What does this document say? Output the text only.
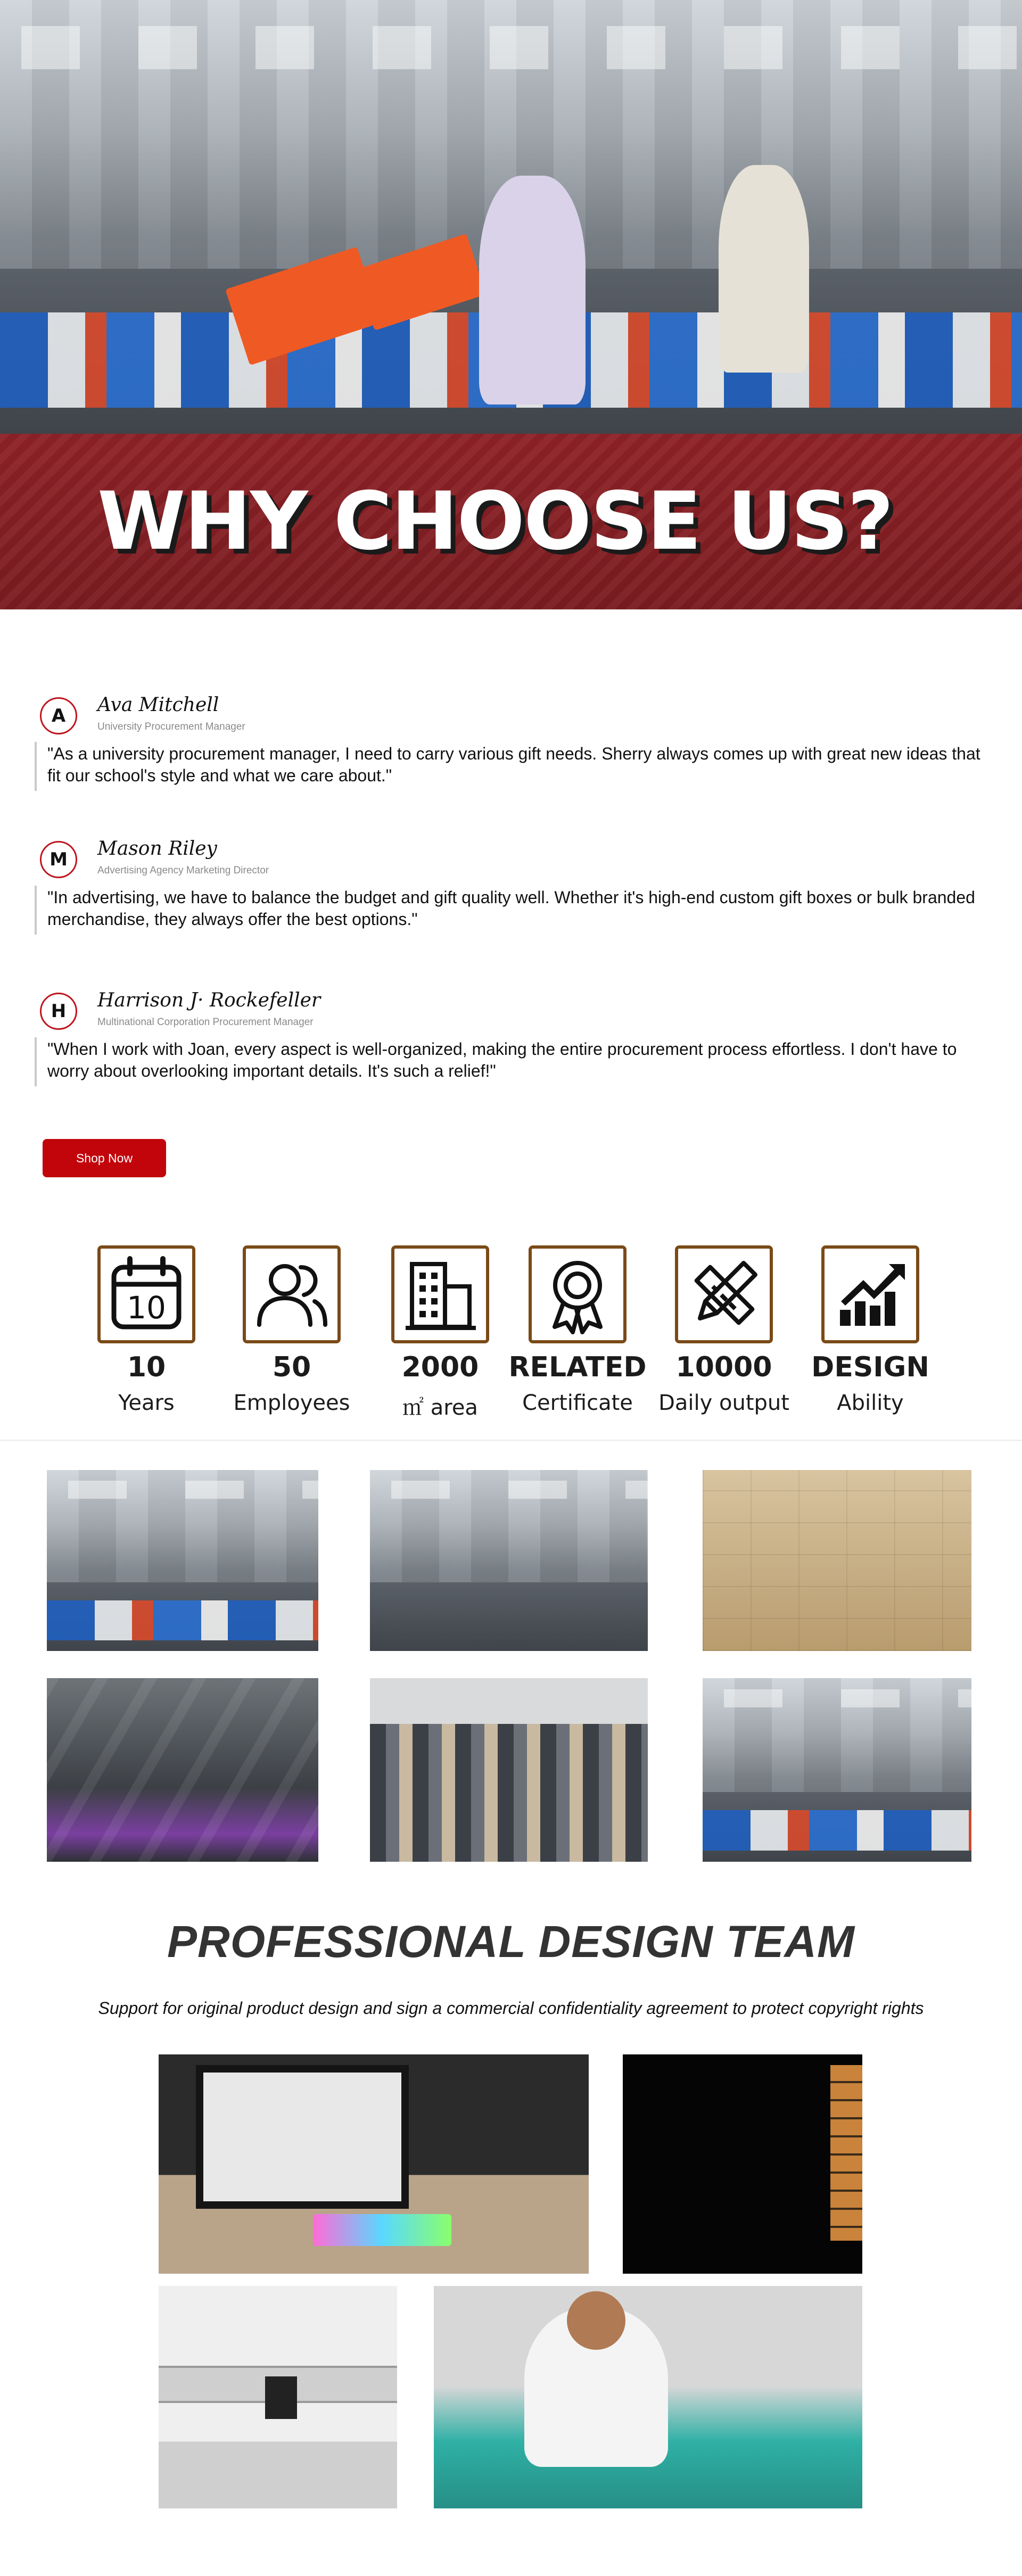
WHY CHOOSE US?
A	Ava Mitchell
University Procurement Manager

"As a university procurement manager, I need to carry various gift needs. Sherry always comes up with great new ideas that fit our school's style and what we care about."

M	Mason Riley
Advertising Agency Marketing Director

"In advertising, we have to balance the budget and gift quality well. Whether it's high-end custom gift boxes or bulk branded merchandise, they always offer the best options."

H	Harrison J· Rockefeller
Multinational Corporation Procurement Manager

"When I work with Joan, every aspect is well-organized, making the entire procurement process effortless. I don't have to worry about overlooking important details. It's such a relief!"

Shop Now
10
10
Years
50
Employees
2000
㎡ area
RELATED
Certificate
10000
Daily output
DESIGN
Ability
PROFESSIONAL DESIGN TEAM

Support for original product design and sign a commercial confidentiality agreement to protect copyright rights
